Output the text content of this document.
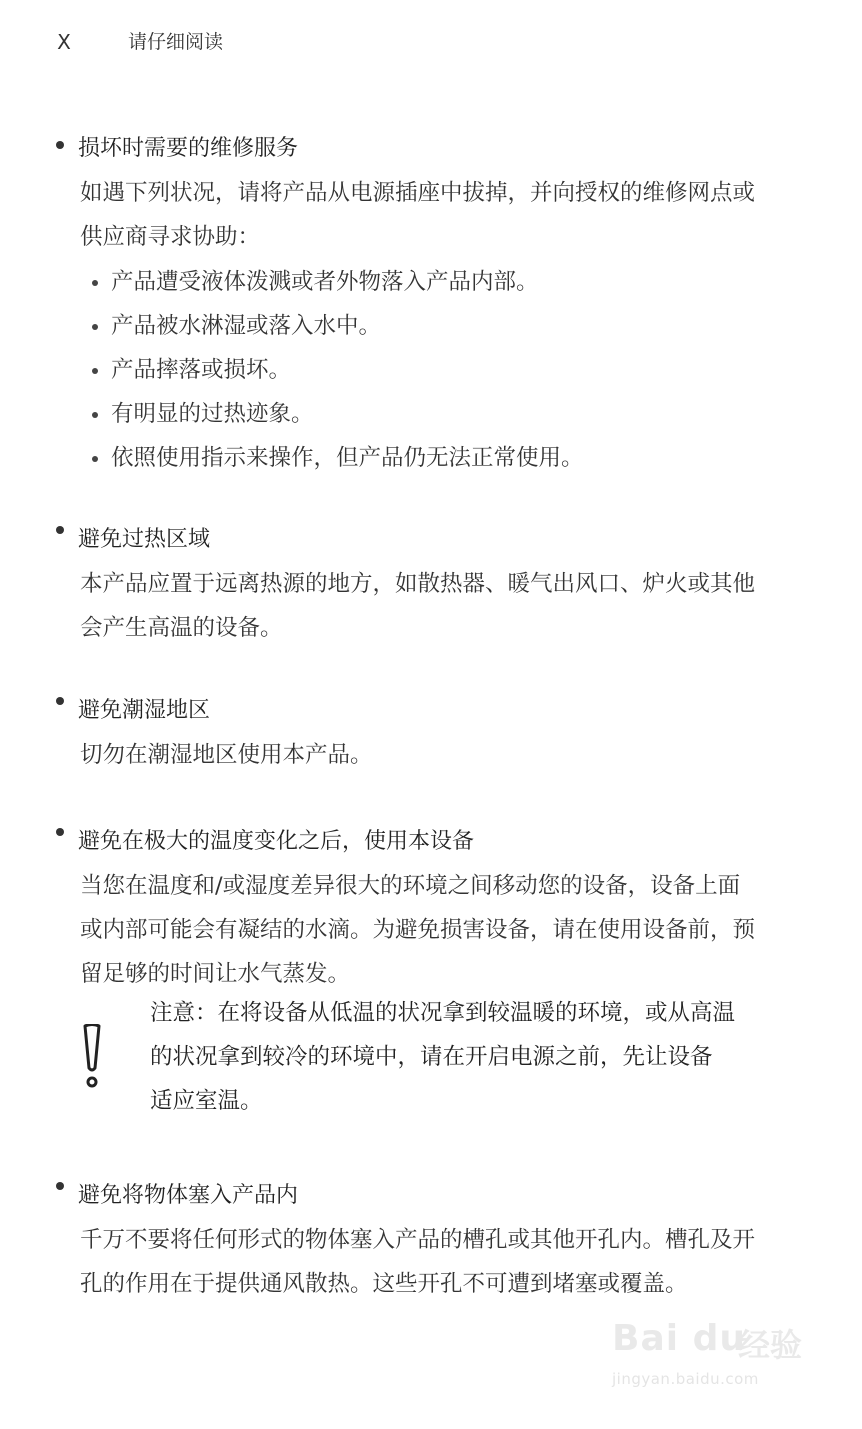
X	请仔细阅读
损坏时需要的维修服务
如遇下列状况，请将产品从电源插座中拔掉，并向授权的维修网点或
供应商寻求协助：
产品遭受液体泼溅或者外物落入产品内部。
产品被水淋湿或落入水中。
产品摔落或损坏。
有明显的过热迹象。
依照使用指示来操作，但产品仍无法正常使用。
避免过热区域
本产品应置于远离热源的地方，如散热器、暖气出风口、炉火或其他
会产生高温的设备。
避免潮湿地区
切勿在潮湿地区使用本产品。
避免在极大的温度变化之后，使用本设备
当您在温度和/或湿度差异很大的环境之间移动您的设备，设备上面
或内部可能会有凝结的水滴。为避免损害设备，请在使用设备前，预
留足够的时间让水气蒸发。
注意：在将设备从低温的状况拿到较温暖的环境，或从高温
的状况拿到较冷的环境中，请在开启电源之前，先让设备
适应室温。
避免将物体塞入产品内
千万不要将任何形式的物体塞入产品的槽孔或其他开孔内。槽孔及开
孔的作用在于提供通风散热。这些开孔不可遭到堵塞或覆盖。
Bai du
经验
jingyan.baidu.com
